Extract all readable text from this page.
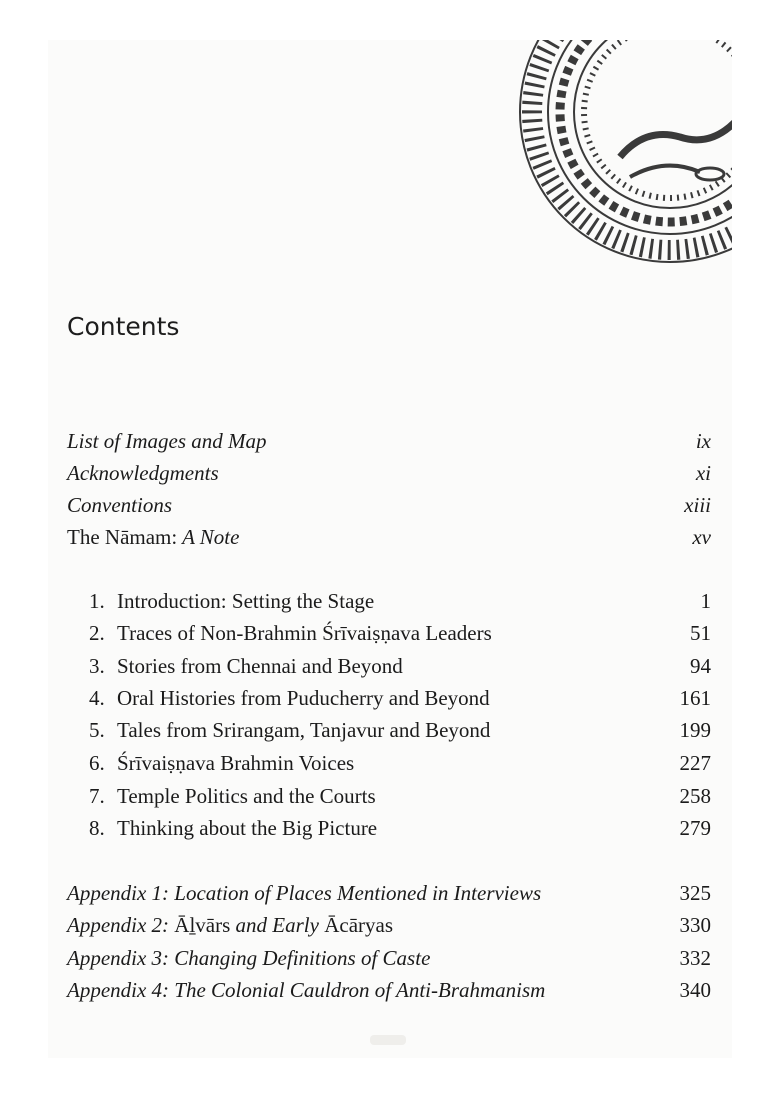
Contents
List of Images and Map	ix
Acknowledgments	xi
Conventions	xiii
The Nāmam: A Note	xv
1. Introduction: Setting the Stage	1
2. Traces of Non-Brahmin Śrīvaiṣṇava Leaders	51
3. Stories from Chennai and Beyond	94
4. Oral Histories from Puducherry and Beyond	161
5. Tales from Srirangam, Tanjavur and Beyond	199
6. Śrīvaiṣṇava Brahmin Voices	227
7. Temple Politics and the Courts	258
8. Thinking about the Big Picture	279
Appendix 1: Location of Places Mentioned in Interviews	325
Appendix 2: Āḻvārs and Early Ācāryas	330
Appendix 3: Changing Definitions of Caste	332
Appendix 4: The Colonial Cauldron of Anti-Brahmanism	340
